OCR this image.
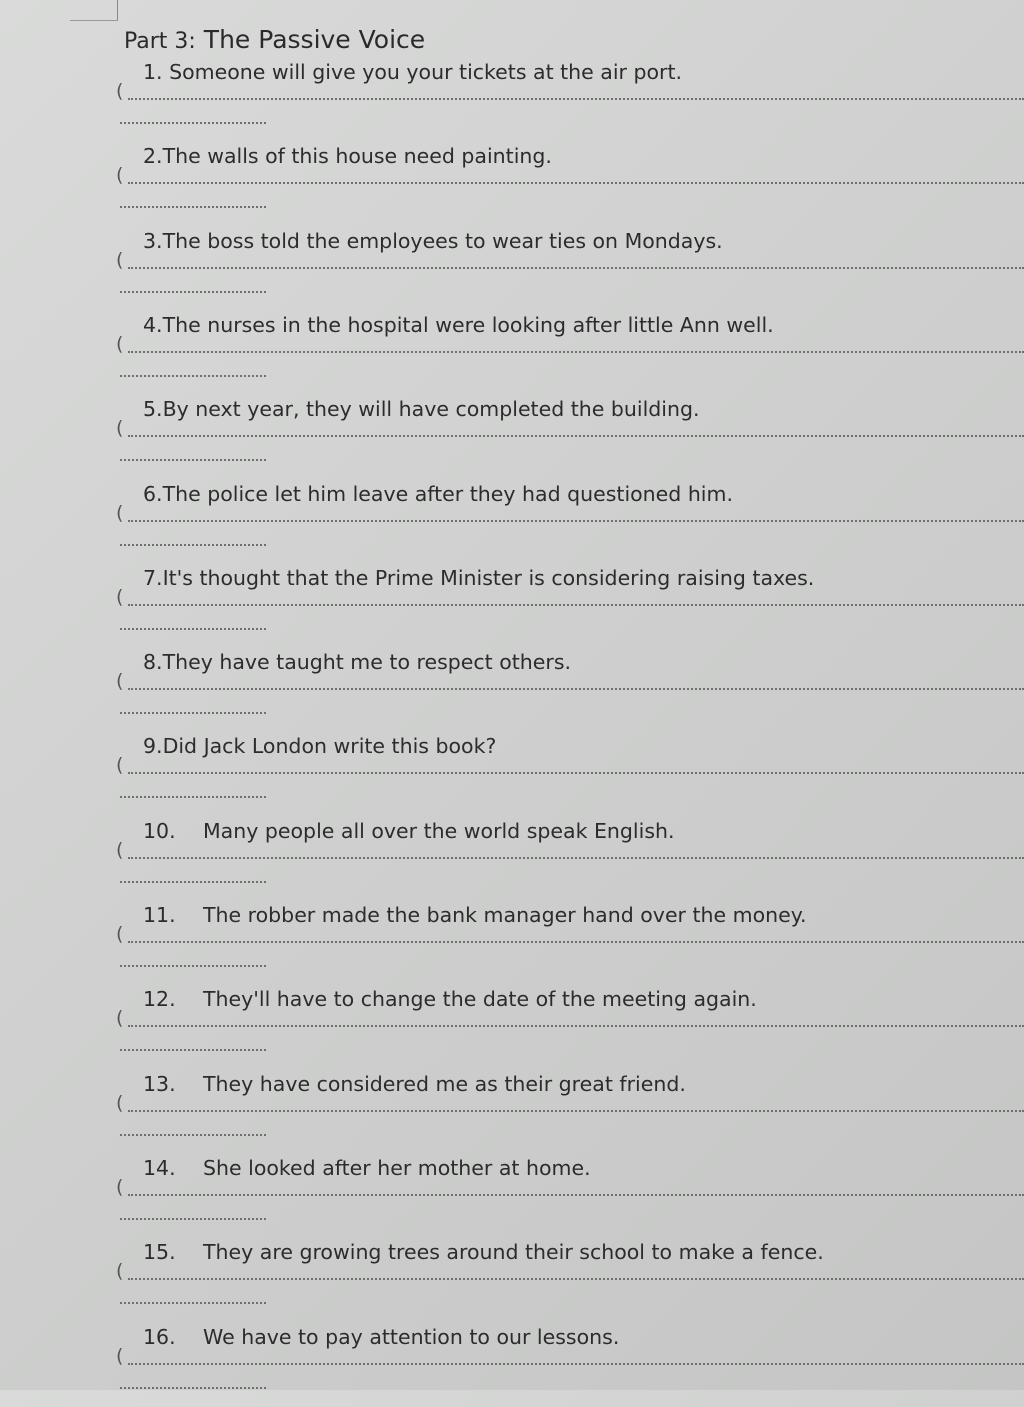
Part 3: The Passive Voice
1. Someone will give you your tickets at the air port.
(
2.The walls of this house need painting.
(
3.The boss told the employees to wear ties on Mondays.
(
4.The nurses in the hospital were looking after little Ann well.
(
5.By next year, they will have completed the building.
(
6.The police let him leave after they had questioned him.
(
7.It's thought that the Prime Minister is considering raising taxes.
(
8.They have taught me to respect others.
(
9.Did Jack London write this book?
(
10. Many people all over the world speak English.
(
11. The robber made the bank manager hand over the money.
(
12. They'll have to change the date of the meeting again.
(
13. They have considered me as their great friend.
(
14. She looked after her mother at home.
(
15. They are growing trees around their school to make a fence.
(
16. We have to pay attention to our lessons.
(
